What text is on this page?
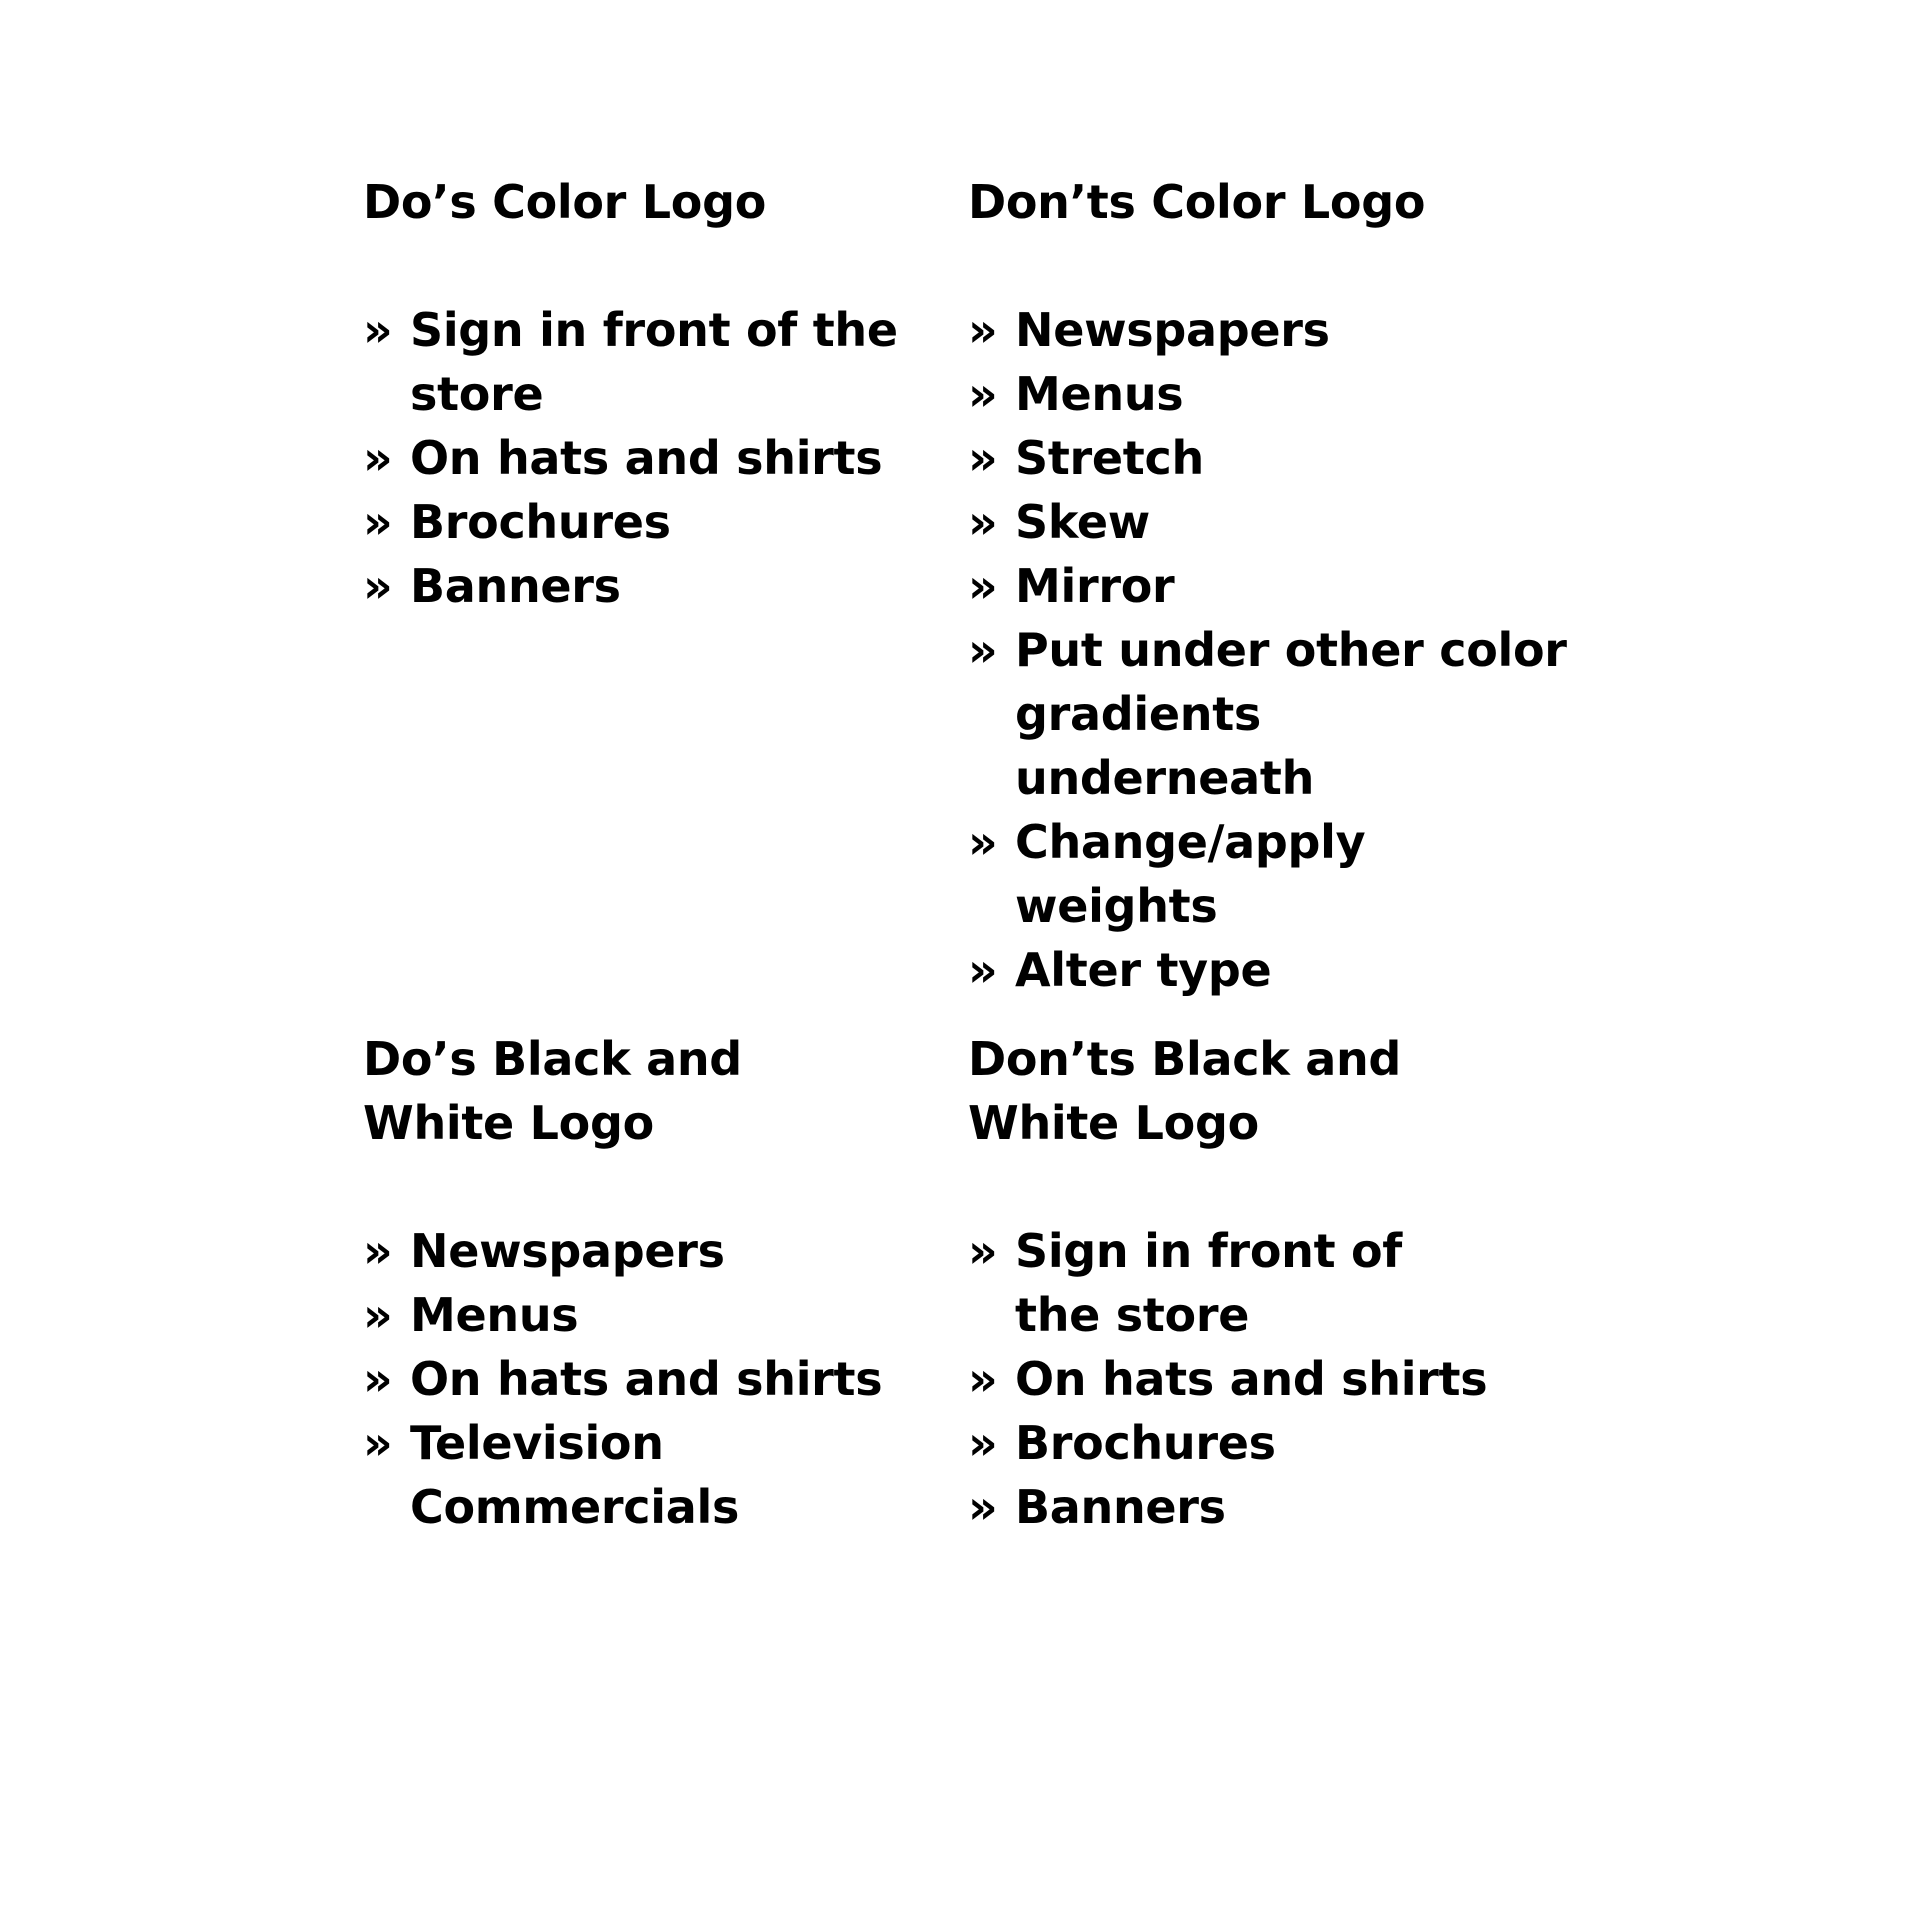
Do’s Color Logo
» Sign in front of the
store
» On hats and shirts
» Brochures
» Banners
Don’ts Color Logo
» Newspapers
» Menus
» Stretch
» Skew
» Mirror
» Put under other color
gradients underneath
» Change/apply
weights
» Alter type
Do’s Black and
White Logo
» Newspapers
» Menus
» On hats and shirts
» Television
Commercials
Don’ts Black and
White Logo
» Sign in front of
the store
» On hats and shirts
» Brochures
» Banners
